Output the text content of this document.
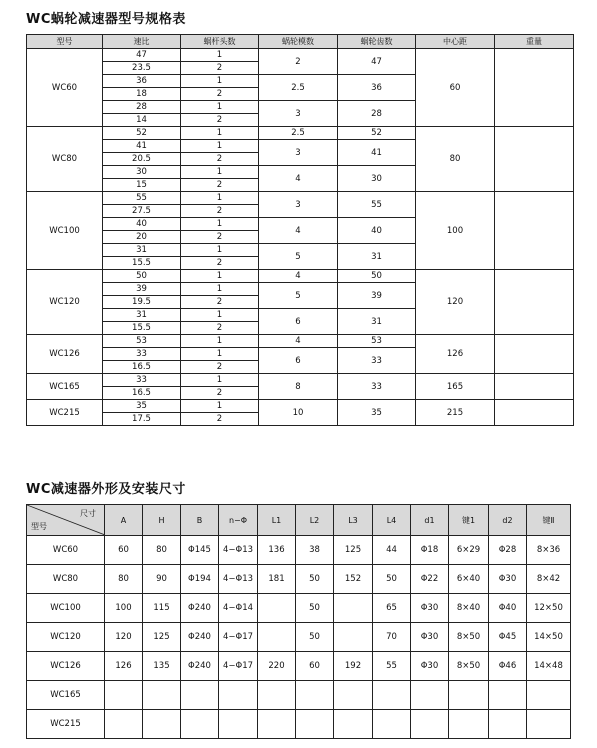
WC蜗轮减速器型号规格表
型号	速比	蜗杆头数	蜗轮模数	蜗轮齿数	中心距	重量
WC60	47	1	2	47	60	
	23.5	2				
	36	1	2.5	36		
	18	2				
	28	1	3	28		
	14	2				
WC80	52	1	2.5	52	80	
	41	1	3	41		
	20.5	2				
	30	1	4	30		
	15	2				
WC100	55	1	3	55	100	
	27.5	2				
	40	1	4	40		
	20	2				
	31	1	5	31		
	15.5	2				
WC120	50	1	4	50	120	
	39	1	5	39		
	19.5	2				
	31	1	6	31		
	15.5	2				
WC126	53	1	4	53	126	
	33	1	6	33		
	16.5	2				
WC165	33	1	8	33	165	
	16.5	2				
WC215	35	1	10	35	215	
	17.5	2				
WC减速器外形及安装尺寸
尺寸
型号	A	H	B	n−Φ	L1	L2	L3	L4	d1	键1	d2	键Ⅱ
WC60	60	80	Φ145	4−Φ13	136	38	125	44	Φ18	6×29	Φ28	8×36
WC80	80	90	Φ194	4−Φ13	181	50	152	50	Φ22	6×40	Φ30	8×42
WC100	100	115	Φ240	4−Φ14		50		65	Φ30	8×40	Φ40	12×50
WC120	120	125	Φ240	4−Φ17		50		70	Φ30	8×50	Φ45	14×50
WC126	126	135	Φ240	4−Φ17	220	60	192	55	Φ30	8×50	Φ46	14×48
WC165												
WC215												
